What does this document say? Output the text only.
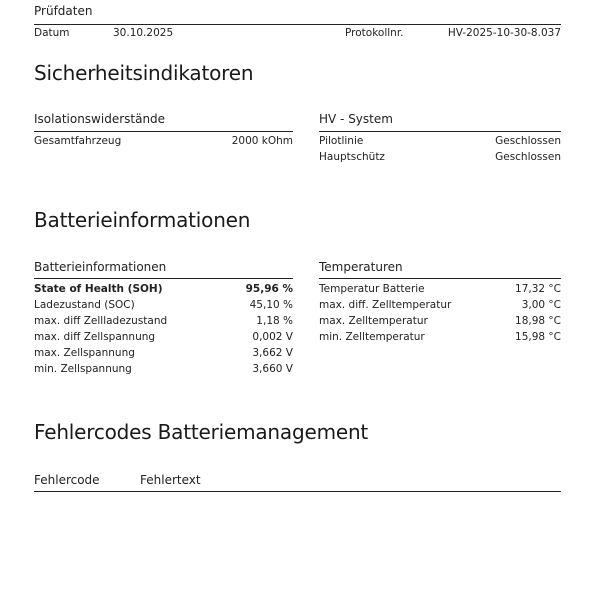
Prüfdaten
Datum	30.10.2025	Protokollnr.	HV-2025-10-30-8.037
Sicherheitsindikatoren
Isolationswiderstände
Gesamtfahrzeug	2000 kOhm
HV - System
Pilotlinie	Geschlossen
Hauptschütz	Geschlossen
Batterieinformationen
Batterieinformationen
State of Health (SOH)	95,96 %
Ladezustand (SOC)	45,10 %
max. diff Zellladezustand	1,18 %
max. diff Zellspannung	0,002 V
max. Zellspannung	3,662 V
min. Zellspannung	3,660 V
Temperaturen
Temperatur Batterie	17,32 °C
max. diff. Zelltemperatur	3,00 °C
max. Zelltemperatur	18,98 °C
min. Zelltemperatur	15,98 °C
Fehlercodes Batteriemanagement
Fehlercode	Fehlertext
